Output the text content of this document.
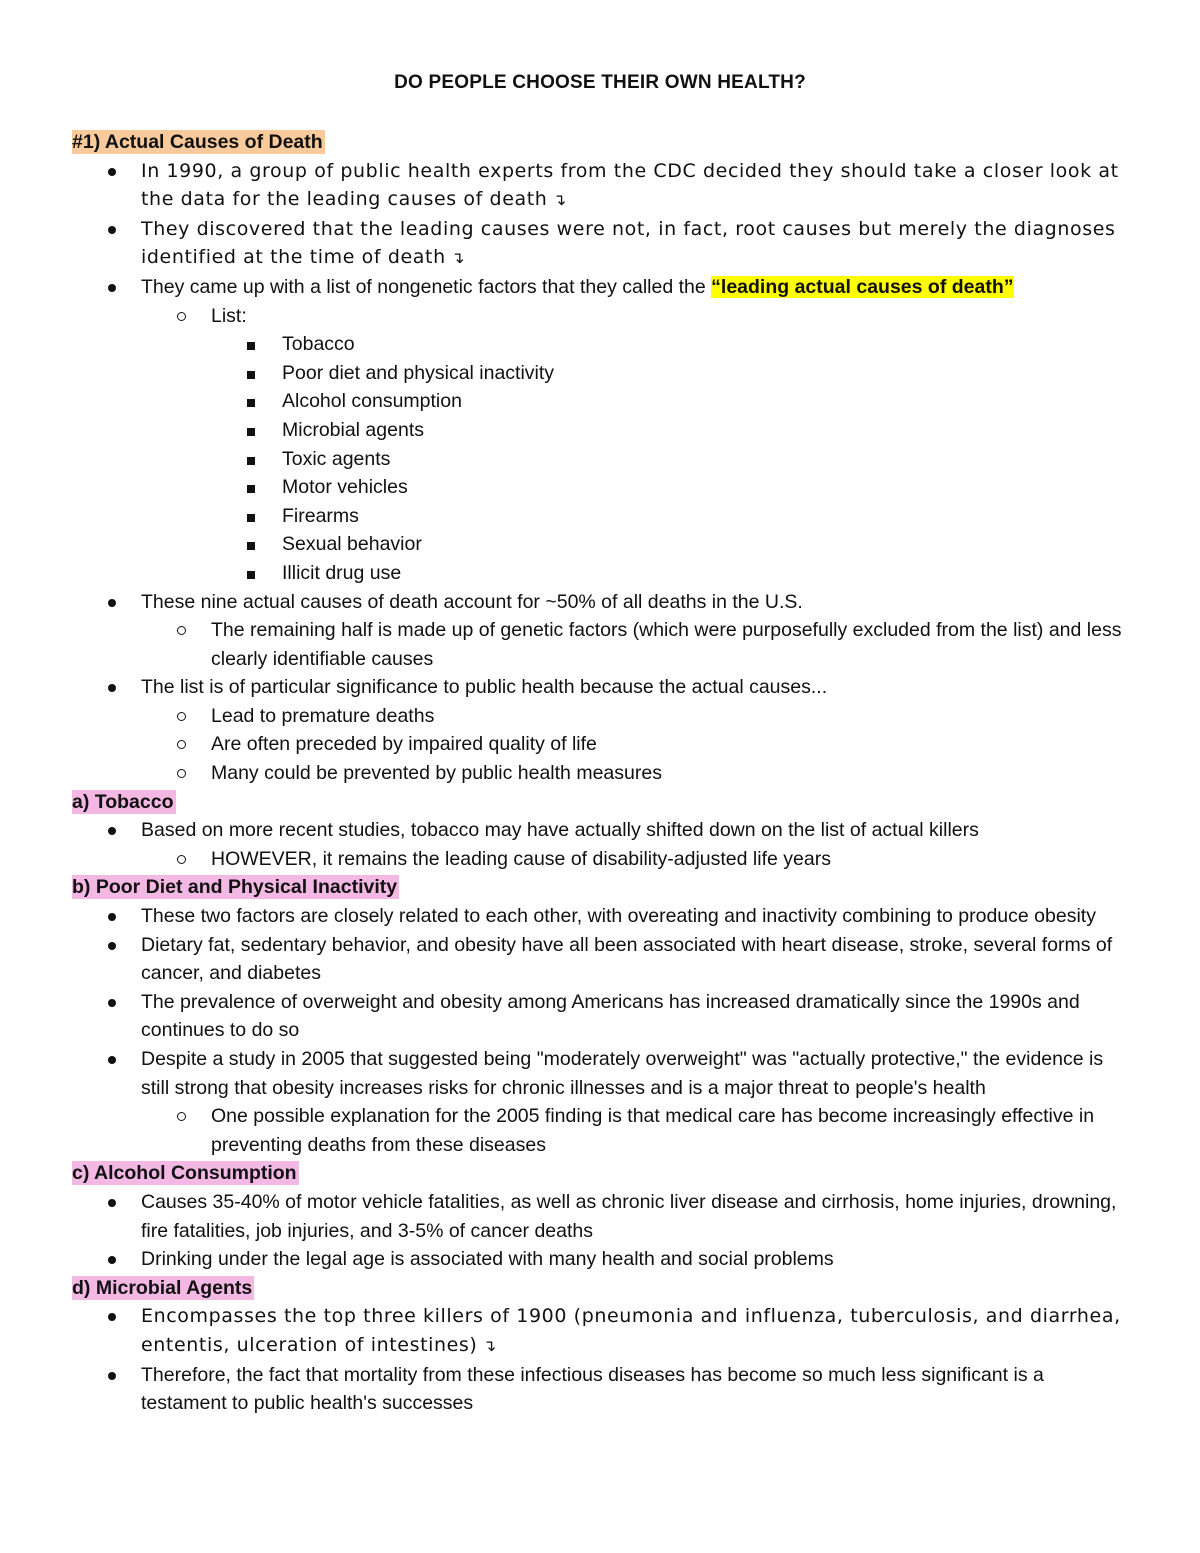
DO PEOPLE CHOOSE THEIR OWN HEALTH?
#1) Actual Causes of Death
In 1990, a group of public health experts from the CDC decided they should take a closer look at the data for the leading causes of death ↴
They discovered that the leading causes were not, in fact, root causes but merely the diagnoses identified at the time of death ↴
They came up with a list of nongenetic factors that they called the “leading actual causes of death”
List:
Tobacco
Poor diet and physical inactivity
Alcohol consumption
Microbial agents
Toxic agents
Motor vehicles
Firearms
Sexual behavior
Illicit drug use
These nine actual causes of death account for ~50% of all deaths in the U.S.
The remaining half is made up of genetic factors (which were purposefully excluded from the list) and less clearly identifiable causes
The list is of particular significance to public health because the actual causes...
Lead to premature deaths
Are often preceded by impaired quality of life
Many could be prevented by public health measures
a) Tobacco
Based on more recent studies, tobacco may have actually shifted down on the list of actual killers
HOWEVER, it remains the leading cause of disability-adjusted life years
b) Poor Diet and Physical Inactivity
These two factors are closely related to each other, with overeating and inactivity combining to produce obesity
Dietary fat, sedentary behavior, and obesity have all been associated with heart disease, stroke, several forms of cancer, and diabetes
The prevalence of overweight and obesity among Americans has increased dramatically since the 1990s and continues to do so
Despite a study in 2005 that suggested being "moderately overweight" was "actually protective," the evidence is still strong that obesity increases risks for chronic illnesses and is a major threat to people's health
One possible explanation for the 2005 finding is that medical care has become increasingly effective in preventing deaths from these diseases
c) Alcohol Consumption
Causes 35-40% of motor vehicle fatalities, as well as chronic liver disease and cirrhosis, home injuries, drowning, fire fatalities, job injuries, and 3-5% of cancer deaths
Drinking under the legal age is associated with many health and social problems
d) Microbial Agents
Encompasses the top three killers of 1900 (pneumonia and influenza, tuberculosis, and diarrhea, ententis, ulceration of intestines) ↴
Therefore, the fact that mortality from these infectious diseases has become so much less significant is a testament to public health's successes
